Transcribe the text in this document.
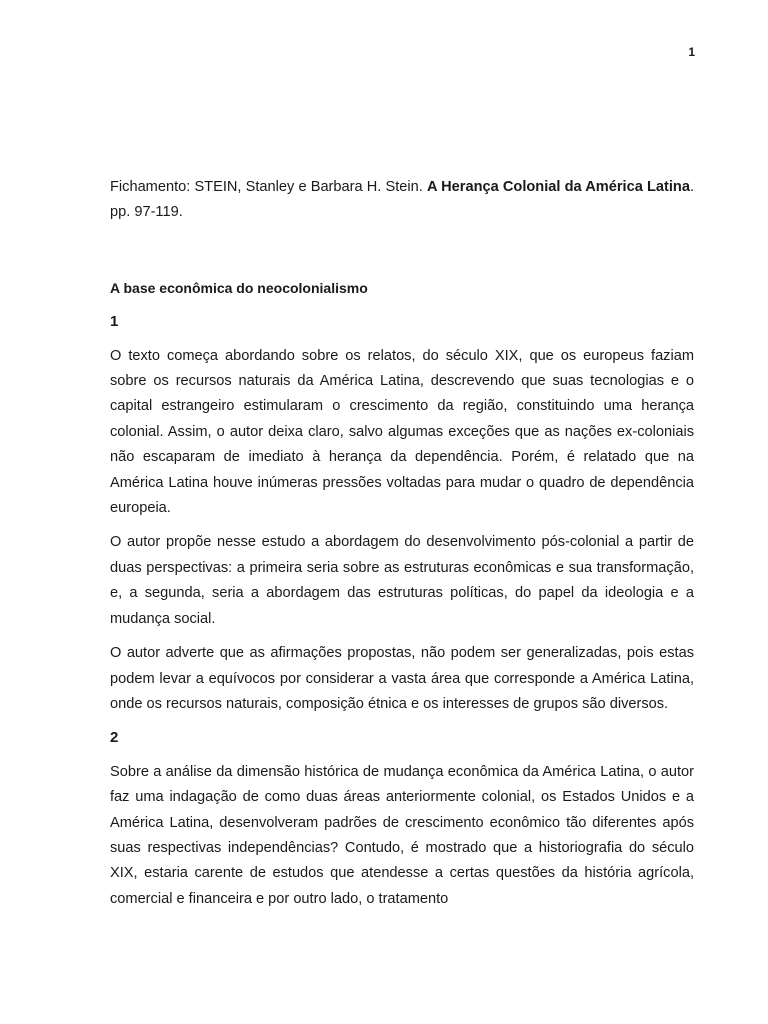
1

Fichamento: STEIN, Stanley e Barbara H. Stein. A Herança Colonial da América Latina. pp. 97-119.

A base econômica do neocolonialismo

1

O texto começa abordando sobre os relatos, do século XIX, que os europeus faziam sobre os recursos naturais da América Latina, descrevendo que suas tecnologias e o capital estrangeiro estimularam o crescimento da região, constituindo uma herança colonial. Assim, o autor deixa claro, salvo algumas exceções que as nações ex-coloniais não escaparam de imediato à herança da dependência. Porém, é relatado que na América Latina houve inúmeras pressões voltadas para mudar o quadro de dependência europeia.

O autor propõe nesse estudo a abordagem do desenvolvimento pós-colonial a partir de duas perspectivas: a primeira seria sobre as estruturas econômicas e sua transformação, e, a segunda, seria a abordagem das estruturas políticas, do papel da ideologia e a mudança social.

O autor adverte que as afirmações propostas, não podem ser generalizadas, pois estas podem levar a equívocos por considerar a vasta área que corresponde a América Latina, onde os recursos naturais, composição étnica e os interesses de grupos são diversos.

2

Sobre a análise da dimensão histórica de mudança econômica da América Latina, o autor faz uma indagação de como duas áreas anteriormente colonial, os Estados Unidos e a América Latina, desenvolveram padrões de crescimento econômico tão diferentes após suas respectivas independências? Contudo, é mostrado que a historiografia do século XIX, estaria carente de estudos que atendesse a certas questões da história agrícola, comercial e financeira e por outro lado, o tratamento
